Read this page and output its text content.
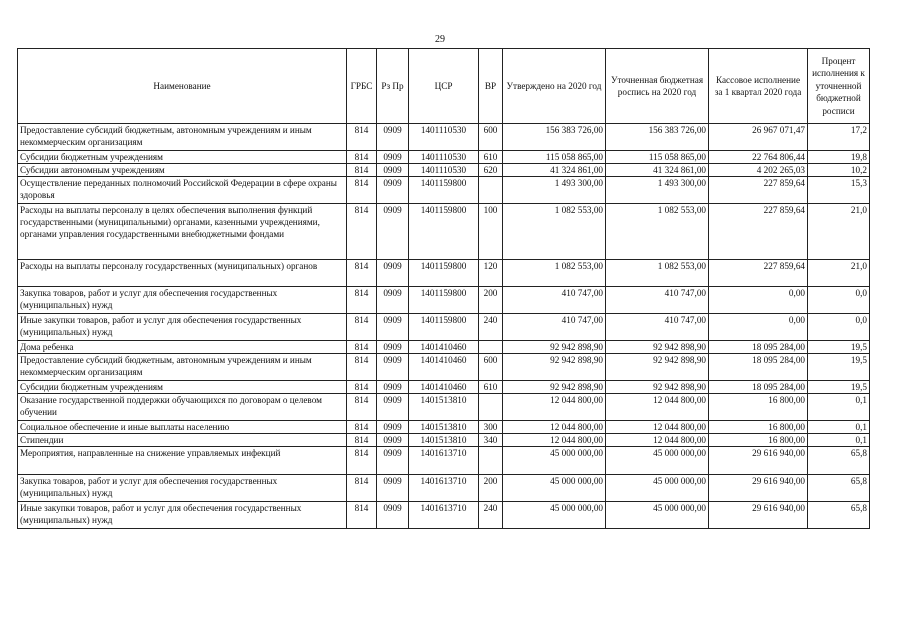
29
Наименование	ГРБС	Рз Пр	ЦСР	ВР	Утверждено на 2020 год	Уточненная бюджетная роспись на 2020 год	Кассовое исполнение за 1 квартал 2020 года	Процент исполнения к уточненной бюджетной росписи
Предоставление субсидий бюджетным, автономным учреждениям и иным некоммерческим организациям	814	0909	1401110530	600	156 383 726,00	156 383 726,00	26 967 071,47	17,2
Субсидии бюджетным учреждениям	814	0909	1401110530	610	115 058 865,00	115 058 865,00	22 764 806,44	19,8
Субсидии автономным учреждениям	814	0909	1401110530	620	41 324 861,00	41 324 861,00	4 202 265,03	10,2
Осуществление переданных полномочий Российской Федерации в сфере охраны здоровья	814	0909	1401159800		1 493 300,00	1 493 300,00	227 859,64	15,3
Расходы на выплаты персоналу в целях обеспечения выполнения функций государственными (муниципальными) органами, казенными учреждениями, органами управления государственными внебюджетными фондами	814	0909	1401159800	100	1 082 553,00	1 082 553,00	227 859,64	21,0
Расходы на выплаты персоналу государственных (муниципальных) органов	814	0909	1401159800	120	1 082 553,00	1 082 553,00	227 859,64	21,0
Закупка товаров, работ и услуг для обеспечения государственных (муниципальных) нужд	814	0909	1401159800	200	410 747,00	410 747,00	0,00	0,0
Иные закупки товаров, работ и услуг для обеспечения государственных (муниципальных) нужд	814	0909	1401159800	240	410 747,00	410 747,00	0,00	0,0
Дома ребенка	814	0909	1401410460		92 942 898,90	92 942 898,90	18 095 284,00	19,5
Предоставление субсидий бюджетным, автономным учреждениям и иным некоммерческим организациям	814	0909	1401410460	600	92 942 898,90	92 942 898,90	18 095 284,00	19,5
Субсидии бюджетным учреждениям	814	0909	1401410460	610	92 942 898,90	92 942 898,90	18 095 284,00	19,5
Оказание государственной поддержки обучающихся по договорам о целевом обучении	814	0909	1401513810		12 044 800,00	12 044 800,00	16 800,00	0,1
Социальное обеспечение и иные выплаты населению	814	0909	1401513810	300	12 044 800,00	12 044 800,00	16 800,00	0,1
Стипендии	814	0909	1401513810	340	12 044 800,00	12 044 800,00	16 800,00	0,1
Мероприятия, направленные на снижение управляемых инфекций	814	0909	1401613710		45 000 000,00	45 000 000,00	29 616 940,00	65,8
Закупка товаров, работ и услуг для обеспечения государственных (муниципальных) нужд	814	0909	1401613710	200	45 000 000,00	45 000 000,00	29 616 940,00	65,8
Иные закупки товаров, работ и услуг для обеспечения государственных (муниципальных) нужд	814	0909	1401613710	240	45 000 000,00	45 000 000,00	29 616 940,00	65,8
